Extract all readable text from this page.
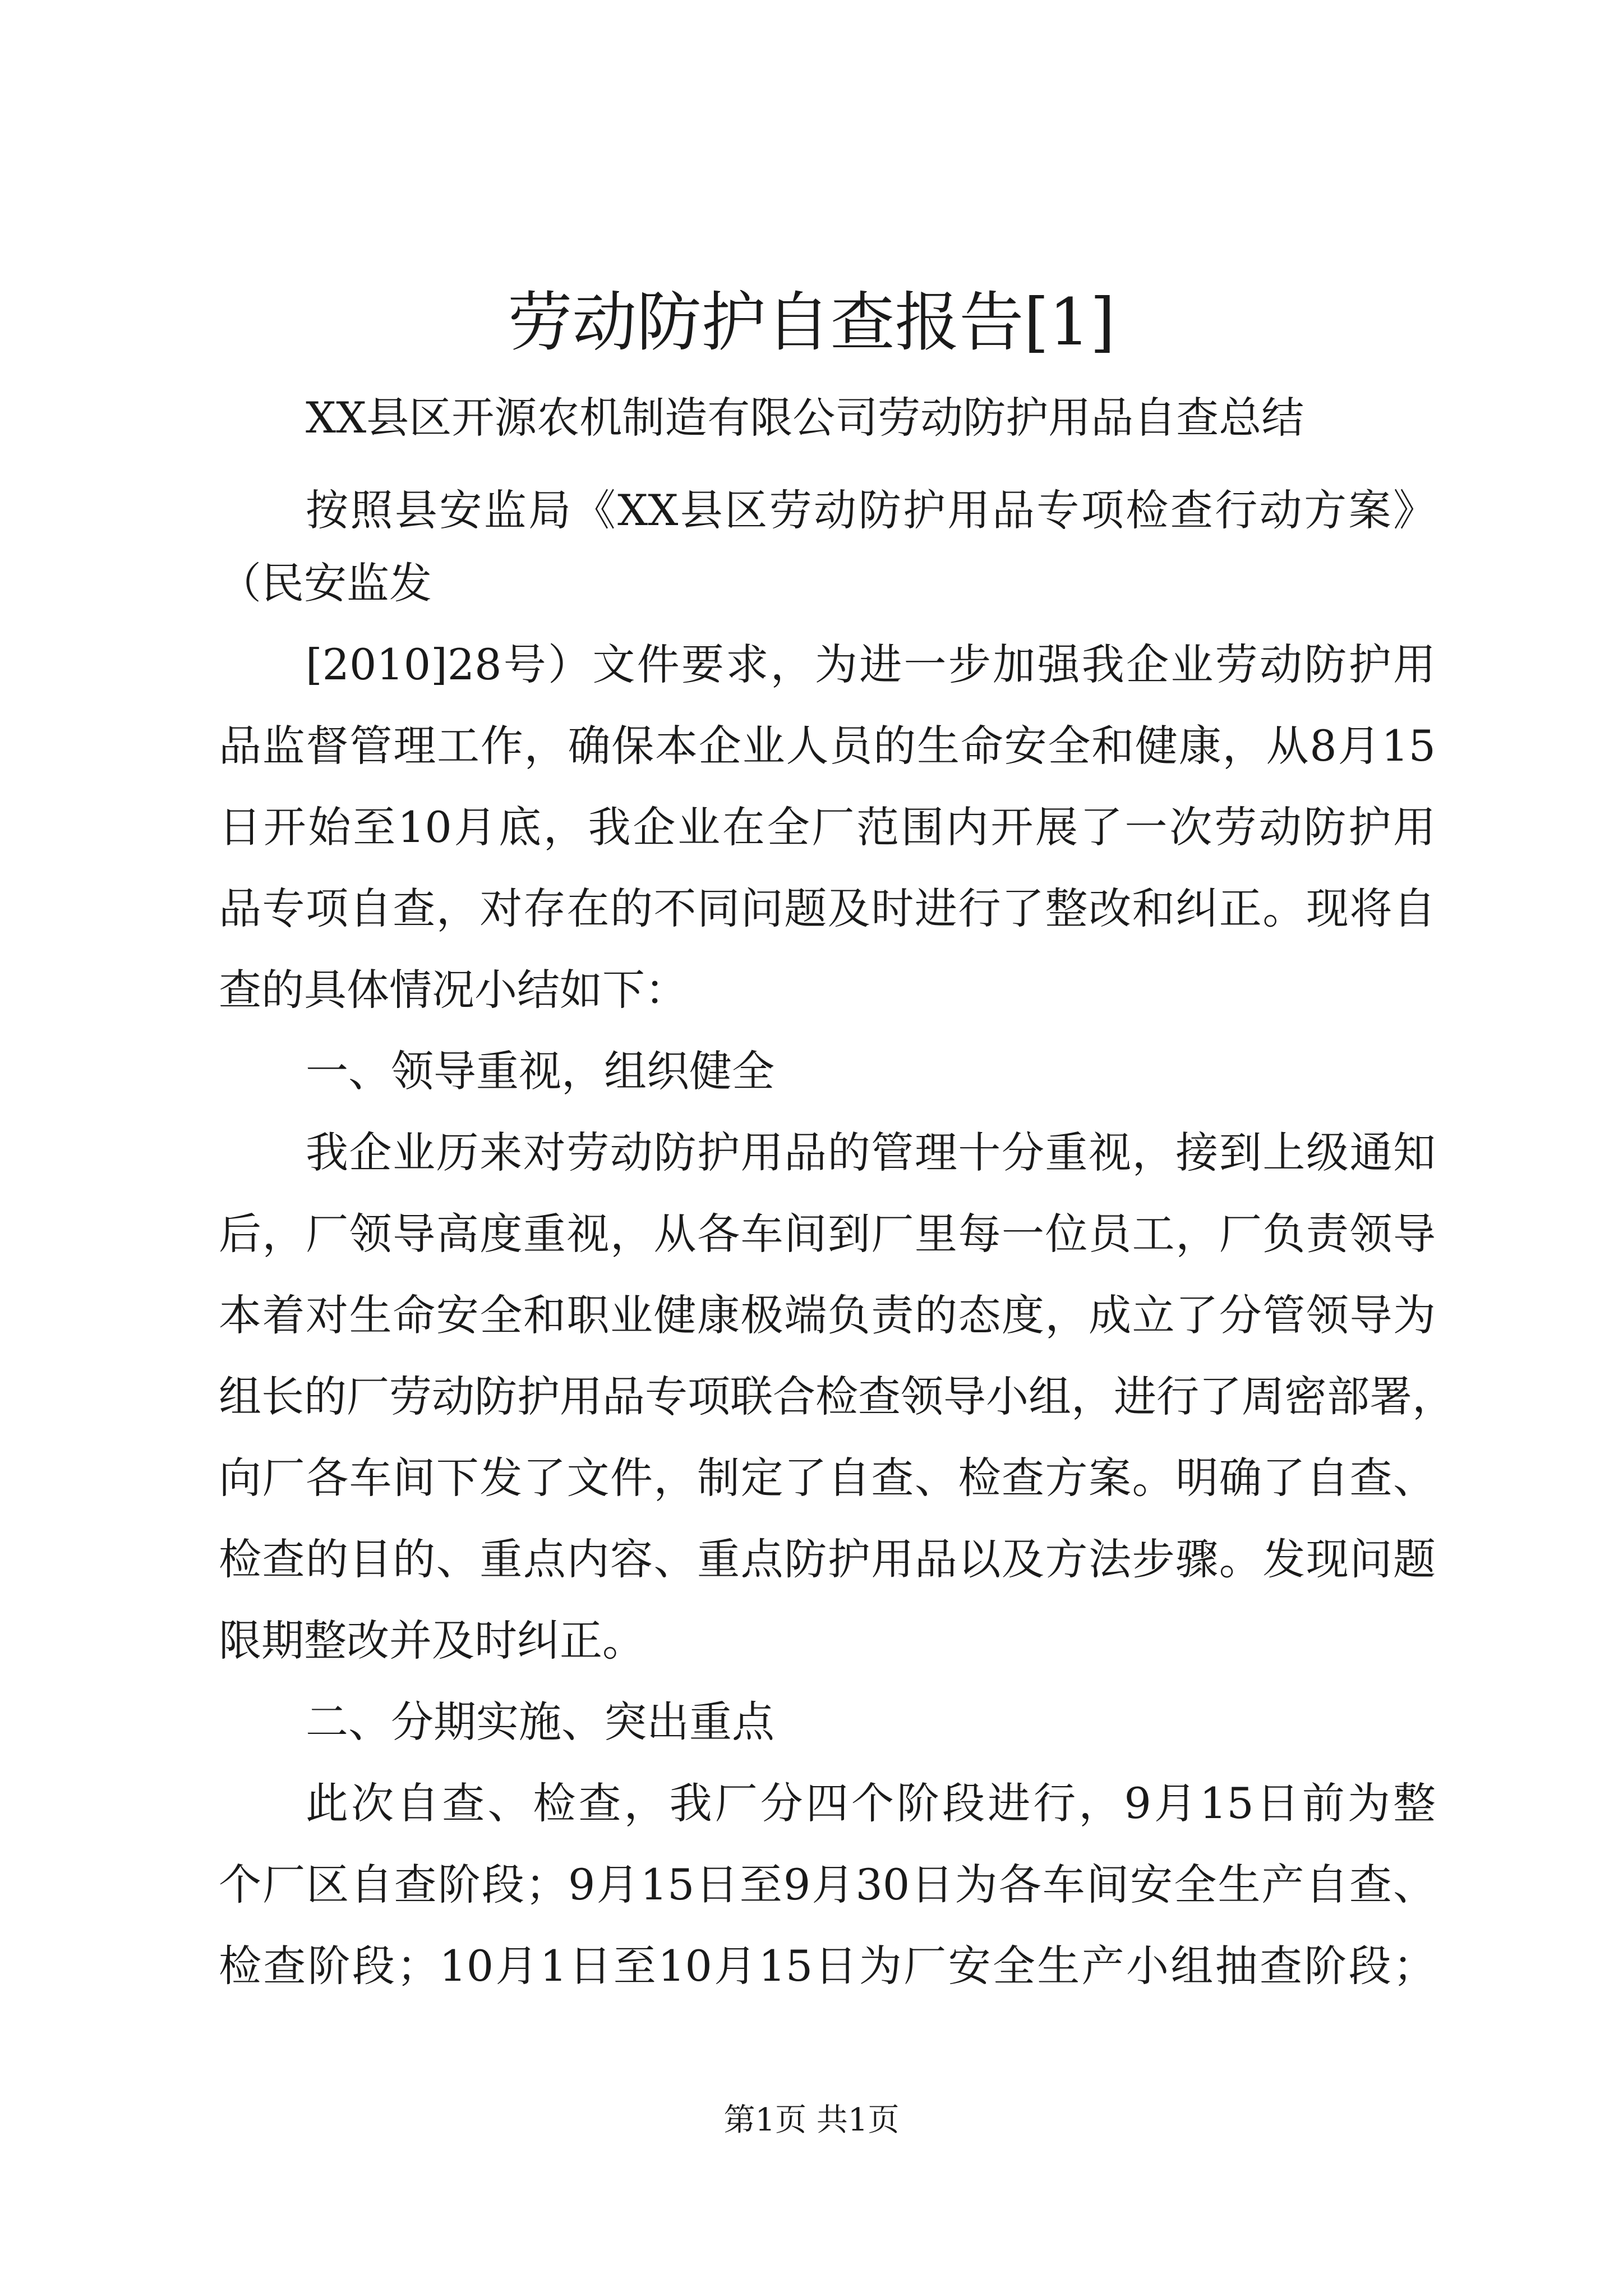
劳动防护自查报告[1]

XX县区开源农机制造有限公司劳动防护用品自查总结

按照县安监局《XX县区劳动防护用品专项检查行动方案》

（民安监发

[2010]28号）文件要求，为进一步加强我企业劳动防护用

品监督管理工作，确保本企业人员的生命安全和健康，从8月15

日开始至10月底，我企业在全厂范围内开展了一次劳动防护用

品专项自查，对存在的不同问题及时进行了整改和纠正。现将自

查的具体情况小结如下：

一、领导重视，组织健全

我企业历来对劳动防护用品的管理十分重视，接到上级通知

后，厂领导高度重视，从各车间到厂里每一位员工，厂负责领导

本着对生命安全和职业健康极端负责的态度，成立了分管领导为

组长的厂劳动防护用品专项联合检查领导小组，进行了周密部署，

向厂各车间下发了文件，制定了自查、检查方案。明确了自查、

检查的目的、重点内容、重点防护用品以及方法步骤。发现问题

限期整改并及时纠正。

二、分期实施、突出重点

此次自查、检查，我厂分四个阶段进行，9月15日前为整

个厂区自查阶段；9月15日至9月30日为各车间安全生产自查、

检查阶段；10月1日至10月15日为厂安全生产小组抽查阶段；

第1页 共1页
